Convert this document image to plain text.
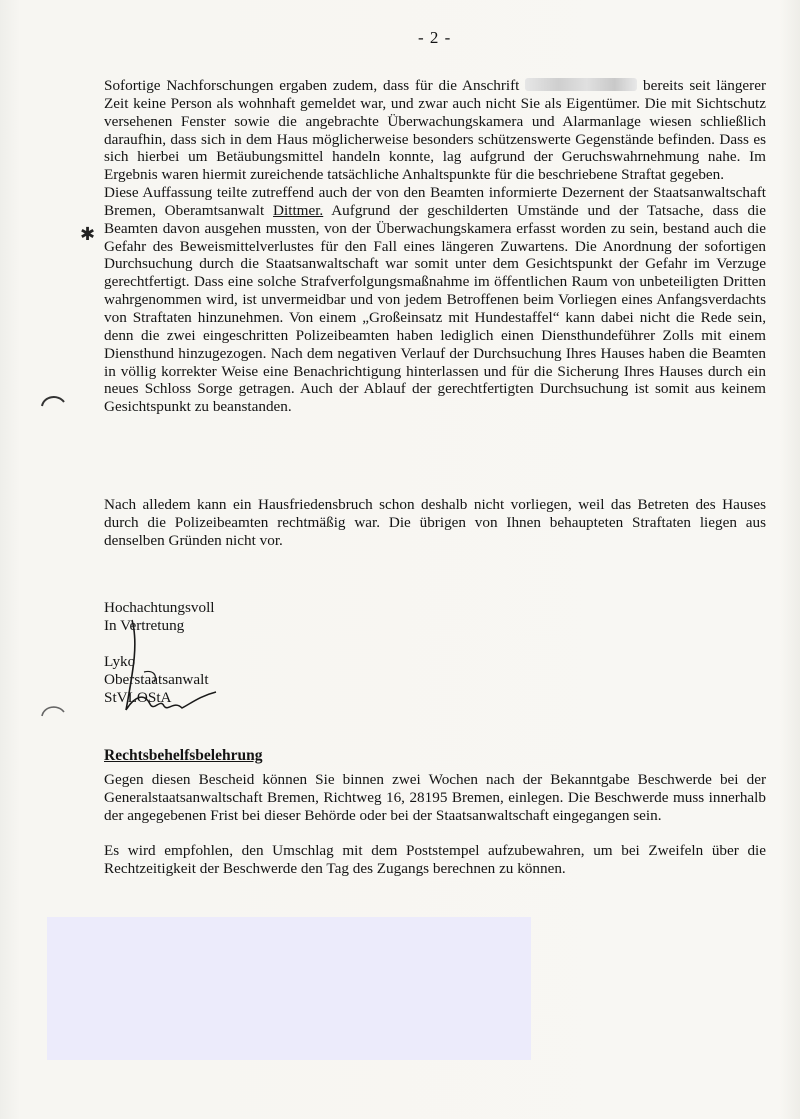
- 2 -
✱

Sofortige Nachforschungen ergaben zudem, dass für die Anschrift	bereits seit längerer Zeit keine Person als wohnhaft gemeldet war, und zwar auch nicht Sie als Eigentümer. Die mit Sichtschutz versehenen Fenster sowie die angebrachte Überwachungskamera und Alarmanlage wiesen schließlich daraufhin, dass sich in dem Haus möglicherweise besonders schützenswerte Gegenstände befinden. Dass es sich hierbei um Betäubungsmittel handeln konnte, lag aufgrund der Geruchswahrnehmung nahe. Im Ergebnis waren hiermit zureichende tatsächliche Anhaltspunkte für die beschriebene Straftat gegeben.

Diese Auffassung teilte zutreffend auch der von den Beamten informierte Dezernent der Staatsanwaltschaft Bremen, Oberamtsanwalt Dittmer. Aufgrund der geschilderten Umstände und der Tatsache, dass die Beamten davon ausgehen mussten, von der Überwachungskamera erfasst worden zu sein, bestand auch die Gefahr des Beweismittelverlustes für den Fall eines längeren Zuwartens. Die Anordnung der sofortigen Durchsuchung durch die Staatsanwaltschaft war somit unter dem Gesichtspunkt der Gefahr im Verzuge gerechtfertigt. Dass eine solche Strafverfolgungsmaßnahme im öffentlichen Raum von unbeteiligten Dritten wahrgenommen wird, ist unvermeidbar und von jedem Betroffenen beim Vorliegen eines Anfangsverdachts von Straftaten hinzunehmen. Von einem „Großeinsatz mit Hundestaffel“ kann dabei nicht die Rede sein, denn die zwei eingeschritten Polizeibeamten haben lediglich einen Diensthundeführer Zolls mit einem Diensthund hinzugezogen. Nach dem negativen Verlauf der Durchsuchung Ihres Hauses haben die Beamten in völlig korrekter Weise eine Benachrichtigung hinterlassen und für die Sicherung Ihres Hauses durch ein neues Schloss Sorge getragen. Auch der Ablauf der gerechtfertigten Durchsuchung ist somit aus keinem Gesichtspunkt zu beanstanden.

Nach alledem kann ein Hausfriedensbruch schon deshalb nicht vorliegen, weil das Betreten des Hauses durch die Polizeibeamten rechtmäßig war. Die übrigen von Ihnen behaupteten Straftaten liegen aus denselben Gründen nicht vor.

Hochachtungsvoll
In Vertretung
Lyko
Oberstaatsanwalt
StVLOStA
Rechtsbehelfsbelehrung

Gegen diesen Bescheid können Sie binnen zwei Wochen nach der Bekanntgabe Beschwerde bei der Generalstaatsanwaltschaft Bremen, Richtweg 16, 28195 Bremen, einlegen. Die Beschwerde muss innerhalb der angegebenen Frist bei dieser Behörde oder bei der Staatsanwaltschaft eingegangen sein.

Es wird empfohlen, den Umschlag mit dem Poststempel aufzubewahren, um bei Zweifeln über die Rechtzeitigkeit der Beschwerde den Tag des Zugangs berechnen zu können.
